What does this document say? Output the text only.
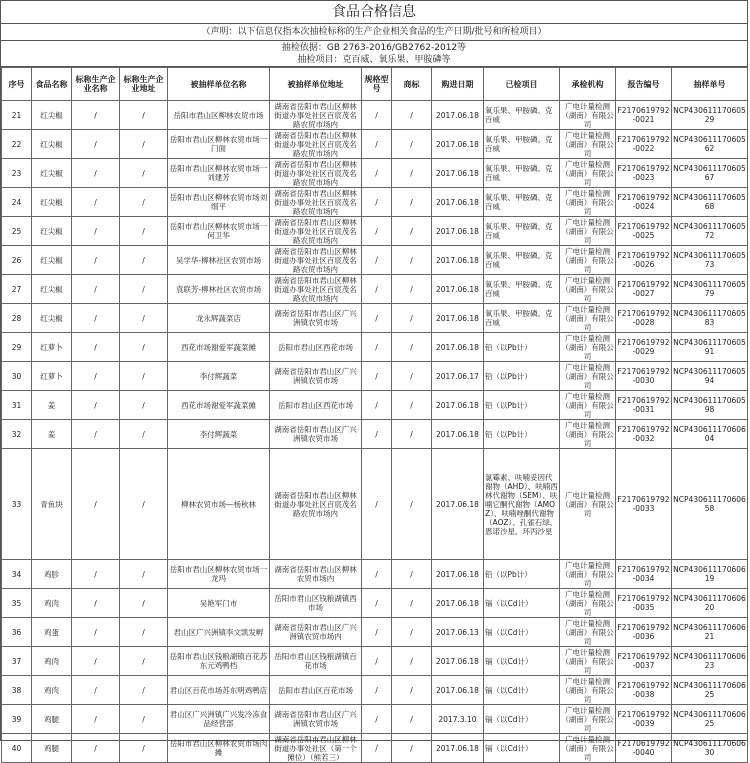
食品合格信息
（声明：以下信息仅指本次抽检标称的生产企业相关食品的生产日期/批号和所检项目）
抽检依据：GB 2763-2016/GB2762-2012等
抽检项目：克百威、氧乐果、甲胺磷等
序号	食品名称	标称生产企业名称	标称生产企业地址	被抽样单位名称	被抽样单位地址	规格型号	商标	购进日期	已检项目	承检机构	报告编号	抽样单号
21	红尖椒	/	/	岳阳市君山区柳林农贸市场	湖南省岳阳市君山区柳林街道办事处社区百宸茂名路农贸市场内	/	/	2017.06.18	氧乐果、甲胺磷、克百威	广电计量检测（湖南）有限公司	F2170619792-0021	NCP43061117060529
22	红尖椒	/	/	岳阳市君山区柳林农贸市场一门面	湖南省岳阳市君山区柳林街道办事处社区百宸茂名路农贸市场内	/	/	2017.06.18	氧乐果、甲胺磷、克百威	广电计量检测（湖南）有限公司	F2170619792-0022	NCP43061117060562
23	红尖椒	/	/	岳阳市君山区柳林农贸市场一刘建芳	湖南省岳阳市君山区柳林街道办事处社区百宸茂名路农贸市场内	/	/	2017.06.18	氧乐果、甲胺磷、克百威	广电计量检测（湖南）有限公司	F2170619792-0023	NCP43061117060567
24	红尖椒	/	/	岳阳市君山区柳林农贸市场刘细平	湖南省岳阳市君山区柳林街道办事处社区百宸茂名路农贸市场内	/	/	2017.06.18	氧乐果、甲胺磷、克百威	广电计量检测（湖南）有限公司	F2170619792-0024	NCP43061117060568
25	红尖椒	/	/	岳阳市君山区柳林农贸市场一何卫华	湖南省岳阳市君山区柳林街道办事处社区百宸茂名路农贸市场内	/	/	2017.06.18	氧乐果、甲胺磷、克百威	广电计量检测（湖南）有限公司	F2170619792-0025	NCP43061117060572
26	红尖椒	/	/	吴学华-柳林社区农贸市场	湖南省岳阳市君山区柳林街道办事处社区百宸茂名路农贸市场内	/	/	2017.06.18	氧乐果、甲胺磷、克百威	广电计量检测（湖南）有限公司	F2170619792-0026	NCP43061117060573
27	红尖椒	/	/	袁联芳-柳林社区农贸市场	湖南省岳阳市君山区柳林街道办事处社区百宸茂名路农贸市场内	/	/	2017.06.18	氧乐果、甲胺磷、克百威	广电计量检测（湖南）有限公司	F2170619792-0027	NCP43061117060579
28	红尖椒	/	/	龙永辉蔬菜店	湖南省岳阳市君山区广兴洲镇农贸市场	/	/	2017.06.18	氧乐果、甲胺磷、克百威	广电计量检测（湖南）有限公司	F2170619792-0028	NCP43061117060583
29	红萝卜	/	/	西花市场谢爱军蔬菜摊	岳阳市君山区西花市场	/	/	2017.06.18	铅（以Pb计）	广电计量检测（湖南）有限公司	F2170619792-0029	NCP43061117060591
30	红萝卜	/	/	李付辉蔬菜	湖南省岳阳市君山区广兴洲镇农贸市场	/	/	2017.06.17	铅（以Pb计）	广电计量检测（湖南）有限公司	F2170619792-0030	NCP43061117060594
31	姜	/	/	西花市场谢爱军蔬菜摊	岳阳市君山区西花市场	/	/	2017.06.18	铅（以Pb计）	广电计量检测（湖南）有限公司	F2170619792-0031	NCP43061117060598
32	姜	/	/	李付辉蔬菜	湖南省岳阳市君山区广兴洲镇农贸市场	/	/	2017.06.18	铅（以Pb计）	广电计量检测（湖南）有限公司	F2170619792-0032	NCP43061117060604
33	青鱼块	/	/	柳林农贸市场—杨秋林	湖南省岳阳市君山区柳林街道办事处社区百宸茂名路农贸市场内	/	/	2017.06.18	氯霉素、呋喃妥因代谢物（AHD）、呋喃西林代谢物（SEM）、呋喃它酮代谢物（AMOZ）、呋喃唑酮代谢物（AOZ）、孔雀石绿、恩诺沙星、环丙沙星	广电计量检测（湖南）有限公司	F2170619792-0033	NCP43061117060658
34	鸡胗	/	/	岳阳市君山区柳林农贸市场一龙玛	湖南省岳阳市君山区柳林农贸市场内	/	/	2017.06.18	铅（以Pb计）	广电计量检测（湖南）有限公司	F2170619792-0034	NCP43061117060619
35	鸡肉	/	/	吴艳军门市	岳阳市君山区钱粮湖镇西市场	/	/	2017.06.18	镉（以Cd计）	广电计量检测（湖南）有限公司	F2170619792-0035	NCP43061117060620
36	鸡蛋	/	/	君山区广兴洲镇李文凯发孵	湖南省岳阳市君山区广兴洲镇农贸市场内	/	/	2017.06.13	镉（以Cd计）	广电计量检测（湖南）有限公司	F2170619792-0036	NCP43061117060621
37	鸡肉	/	/	岳阳市君山区钱粮湖镇百花苏东元鸡鸭档	岳阳市君山区钱粮湖镇百花市场	/	/	2017.06.18	镉（以Cd计）	广电计量检测（湖南）有限公司	F2170619792-0037	NCP43061117060623
38	鸡肉	/	/	君山区百花市场苏东明鸡鸭店	岳阳市君山区百花市场	/	/	2017.06.18	镉（以Cd计）	广电计量检测（湖南）有限公司	F2170619792-0038	NCP43061117060625
39	鸡腿	/	/	君山区广兴洲镇广兴发冷冻食品经营部	湖南省岳阳市君山区广兴洲镇农贸市场	/	/	2017.3.10	镉（以Cd计）	广电计量检测（湖南）有限公司	F2170619792-0039	NCP43061117060625
40	鸡腿	/	/	岳阳市君山区柳林农贸市场肉摊	湖南省岳阳市君山区柳林街道办事处社区（第一个摊位）（熊若三）	/	/	2017.06.18	镉（以Cd计）	广电计量检测（湖南）有限公司	F2170619792-0040	NCP43061117060630
